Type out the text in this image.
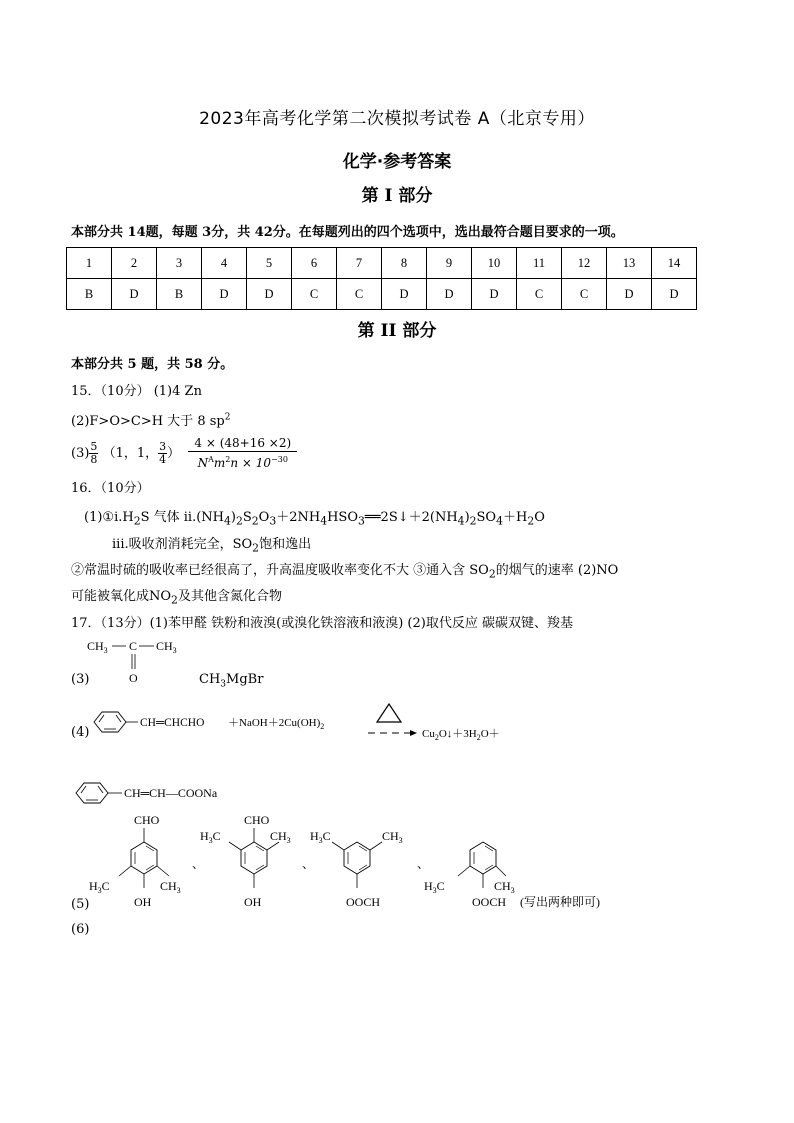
2023年高考化学第二次模拟考试卷 A（北京专用）
化学·参考答案
第 I 部分
本部分共 14题，每题 3分，共 42分。在每题列出的四个选项中，选出最符合题目要求的一项。
1	2	3	4	5	6	7	8	9	10	11	12	13	14
B	D	B	D	D	C	C	D	D	D	C	C	D	D
第 II 部分
本部分共 5 题，共 58 分。
15．（10分） (1)4 Zn
(2)F>O>C>H 大于 8 $sp^2$
$(3) \frac{5}{8} (1$，1， $\frac{3}{4}$ ） $\frac{4 \times (48+16 \times 2)}{N^Am^2n \times 10^{-30}}$
16．（10分）
$(1)①i.H_2S$ 气体 $ii.(NH_4)_2S_2O_3+2NH_4HSO_3══2S↓+2(NH_4)_2SO_4+H_2O$
iii.吸收剂消耗完全，$SO_2$饱和逸出
②常温时硫的吸收率已经很高了，升高温度吸收率变化不大 ③通入含 $SO_2$的烟气的速率 (2)NO
可能被氧化成$NO_2$及其他含氮化合物
17．（13分）(1)苯甲醛 铁粉和液溴(或溴化铁溶液和液溴) (2)取代反应 碳碳双键、羧基
(3)
$CH_3$ C $CH_3$
O	$CH_3MgBr$
(4)
CH═CHCHO $+NaOH+2Cu(OH)_2$
$Cu_2O↓+3H_2O+$
CH═CH—COONa
(5)
CHO
$H_3C$	$CH_3$
OH
、
CHO
$H_3C$	$CH_3$
OH
、
$H_3C$	$CH_3$
OOCH
、
$H_3C$	$CH_3$
OOCH (写出两种即可)
(6)
